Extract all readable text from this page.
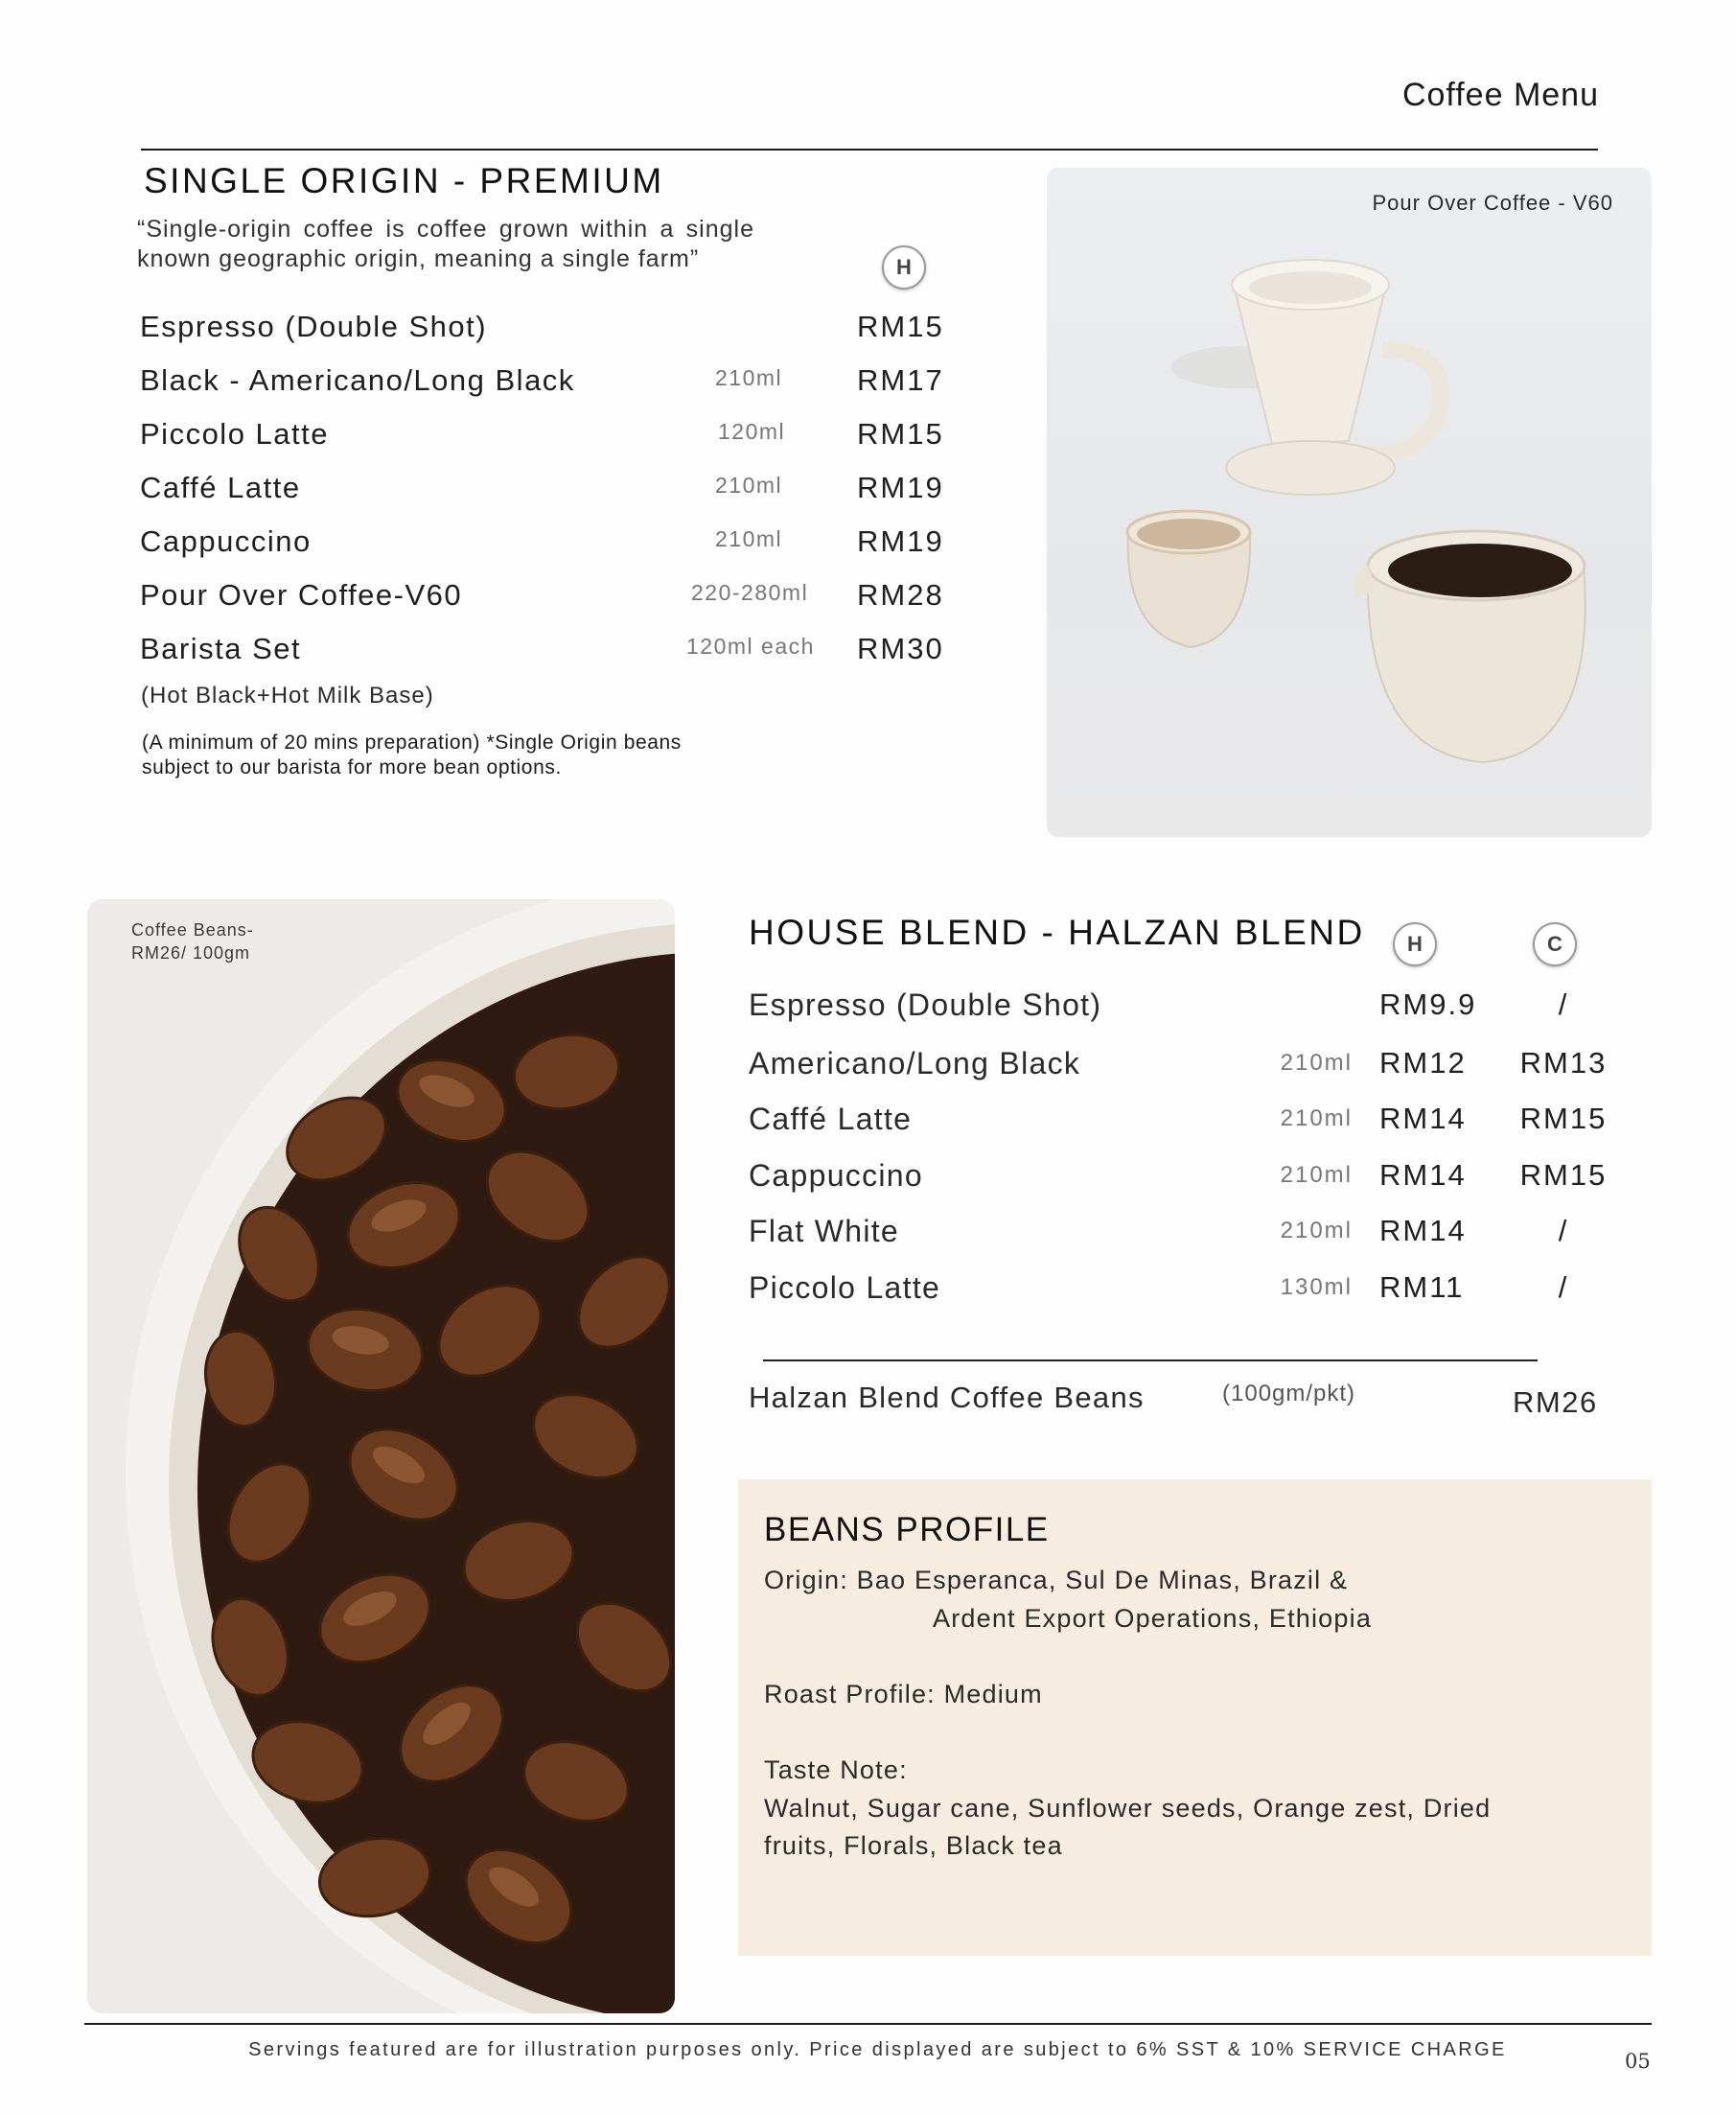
Coffee Menu
SINGLE ORIGIN - PREMIUM
“Single-origin coffee is coffee grown within a single known geographic origin, meaning a single farm”	H
Espresso (Double Shot)	RM15
Black - Americano/Long Black	210ml	RM17
Piccolo Latte	120ml RM15
Caffé Latte	210ml	RM19
Cappuccino	210ml	RM19
Pour Over Coffee-V60	220-280ml RM28
Barista Set	120ml each RM30
(Hot Black+Hot Milk Base)
(A minimum of 20 mins preparation) *Single Origin beans subject to our barista for more bean options.
Pour Over Coffee - V60
Coffee Beans-
RM26/ 100gm
HOUSE BLEND - HALZAN BLEND	H	C
Espresso (Double Shot)	RM9.9	/
Americano/Long Black	210ml RM12 RM13
Caffé Latte	210ml RM14 RM15
Cappuccino	210ml RM14 RM15
Flat White	210ml RM14	/
Piccolo Latte	130ml RM11	/
Halzan Blend Coffee Beans	(100gm/pkt)	RM26
BEANS PROFILE
Origin: Bao Esperanca, Sul De Minas, Brazil &
Ardent Export Operations, Ethiopia
Roast Profile: Medium
Taste Note:
Walnut, Sugar cane, Sunflower seeds, Orange zest, Dried
fruits, Florals, Black tea
Servings featured are for illustration purposes only. Price displayed are subject to 6% SST & 10% SERVICE CHARGE	05
